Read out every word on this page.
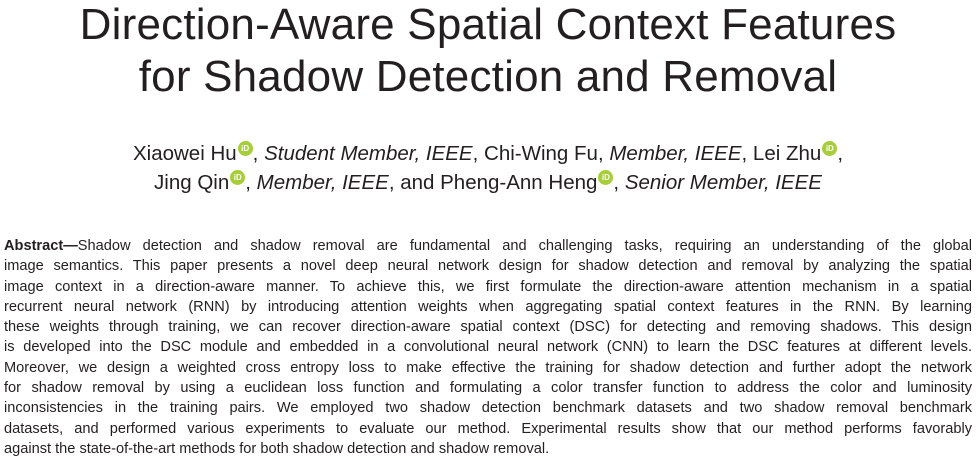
Direction-Aware Spatial Context Features
for Shadow Detection and Removal
Xiaowei Hu iD , Student Member, IEEE, Chi-Wing Fu, Member, IEEE, Lei Zhu iD ,
Jing Qin iD , Member, IEEE, and Pheng-Ann Heng iD , Senior Member, IEEE
Abstract—Shadow detection and shadow removal are fundamental and challenging tasks, requiring an understanding of the global
image semantics. This paper presents a novel deep neural network design for shadow detection and removal by analyzing the spatial
image context in a direction-aware manner. To achieve this, we first formulate the direction-aware attention mechanism in a spatial
recurrent neural network (RNN) by introducing attention weights when aggregating spatial context features in the RNN. By learning
these weights through training, we can recover direction-aware spatial context (DSC) for detecting and removing shadows. This design
is developed into the DSC module and embedded in a convolutional neural network (CNN) to learn the DSC features at different levels.
Moreover, we design a weighted cross entropy loss to make effective the training for shadow detection and further adopt the network
for shadow removal by using a euclidean loss function and formulating a color transfer function to address the color and luminosity
inconsistencies in the training pairs. We employed two shadow detection benchmark datasets and two shadow removal benchmark
datasets, and performed various experiments to evaluate our method. Experimental results show that our method performs favorably
against the state-of-the-art methods for both shadow detection and shadow removal.
